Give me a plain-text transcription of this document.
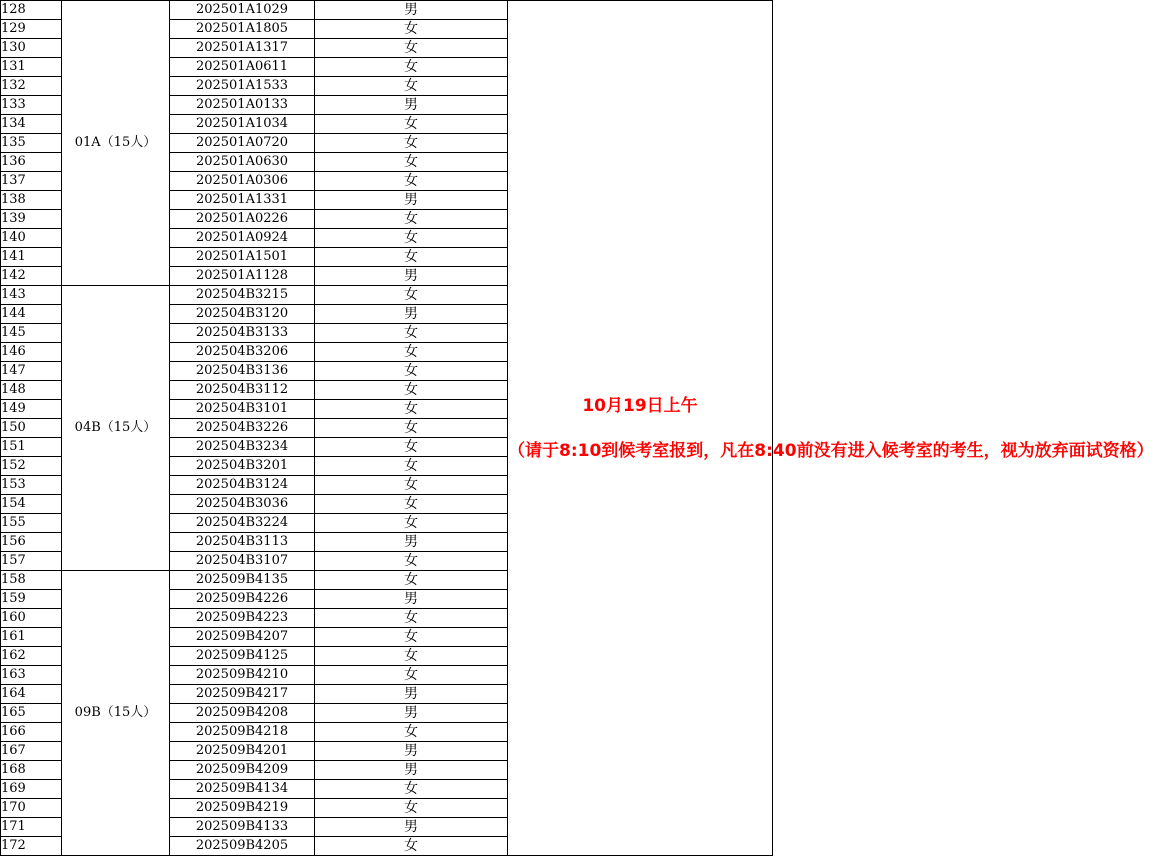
128	01A（15人）	202501A1029	男	10月19日上午
（请于8:10到候考室报到，凡在8:40前没有进入候考室的考生，视为放弃面试资格）

129		202501A1805	女	
130		202501A1317	女	
131		202501A0611	女	
132		202501A1533	女	
133		202501A0133	男	
134		202501A1034	女	
135		202501A0720	女	
136		202501A0630	女	
137		202501A0306	女	
138		202501A1331	男	
139		202501A0226	女	
140		202501A0924	女	
141		202501A1501	女	
142		202501A1128	男	
143	04B（15人）	202504B3215	女	
144		202504B3120	男	
145		202504B3133	女	
146		202504B3206	女	
147		202504B3136	女	
148		202504B3112	女	
149		202504B3101	女	
150		202504B3226	女	
151		202504B3234	女	
152		202504B3201	女	
153		202504B3124	女	
154		202504B3036	女	
155		202504B3224	女	
156		202504B3113	男	
157		202504B3107	女	
158	09B（15人）	202509B4135	女	
159		202509B4226	男	
160		202509B4223	女	
161		202509B4207	女	
162		202509B4125	女	
163		202509B4210	女	
164		202509B4217	男	
165		202509B4208	男	
166		202509B4218	女	
167		202509B4201	男	
168		202509B4209	男	
169		202509B4134	女	
170		202509B4219	女	
171		202509B4133	男	
172		202509B4205	女	
